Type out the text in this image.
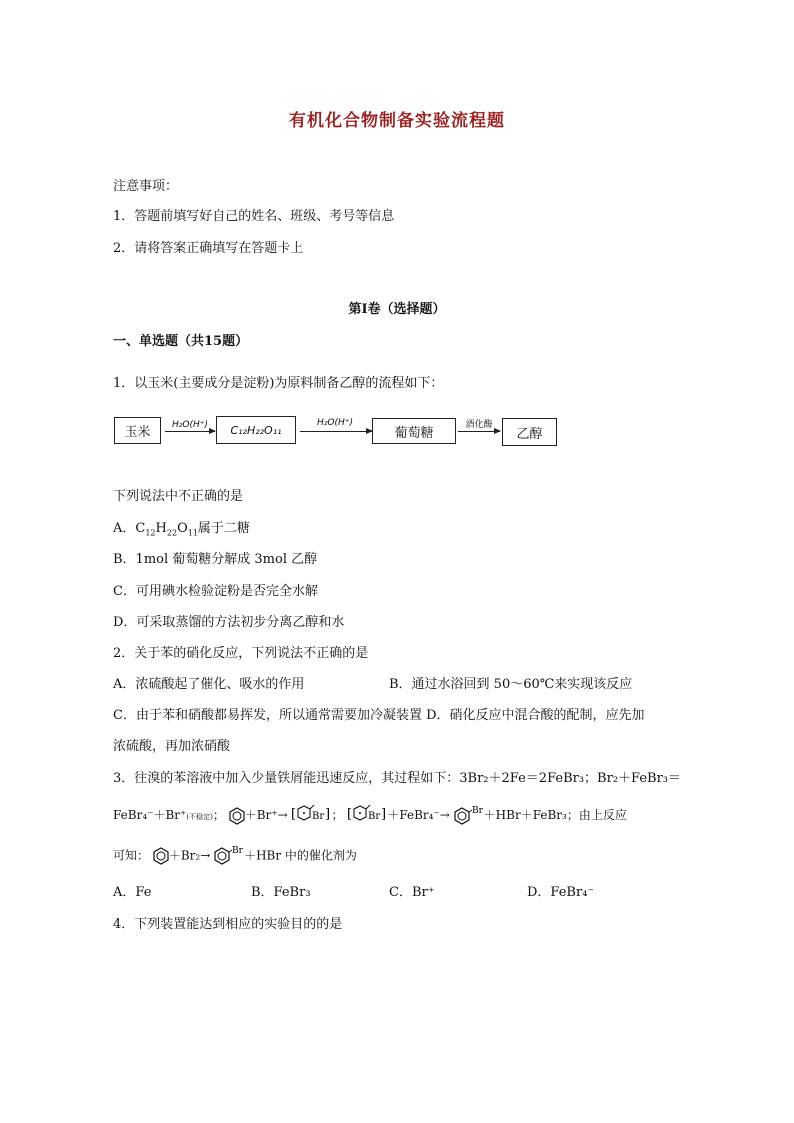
有机化合物制备实验流程题
注意事项：
1．答题前填写好自己的姓名、班级、考号等信息
2．请将答案正确填写在答题卡上
第I卷（选择题）
一、单选题（共15题）
1．以玉米(主要成分是淀粉)为原料制备乙醇的流程如下：
玉米	H₂O(H⁺)	C₁₂H₂₂O₁₁
H₂O(H⁺)
葡萄糖
酒化酶
乙醇
下列说法中不正确的是
A．$C_{12}H_{22}O_{11}$属于二糖
B．1mol 葡萄糖分解成 3mol 乙醇
C．可用碘水检验淀粉是否完全水解
D．可采取蒸馏的方法初步分离乙醇和水
2．关于苯的硝化反应，下列说法不正确的是
A．浓硫酸起了催化、吸水的作用	B．通过水浴回到 50～60℃来实现该反应
C．由于苯和硝酸都易挥发，所以通常需要加冷凝装置 D．硝化反应中混合酸的配制，应先加
浓硫酸，再加浓硝酸
3．往溴的苯溶液中加入少量铁屑能迅速反应，其过程如下：3Br₂＋2Fe＝2FeBr₃；Br₂＋FeBr₃＝
FeBr₄⁻＋Br⁺(不稳定)； ＋Br⁺→ [ Br ] ； [ Br ] ＋FeBr₄⁻→ Br ＋HBr＋FeBr₃；由上反应
可知： ＋Br₂→ Br ＋HBr 中的催化剂为
A．Fe	B．FeBr₃	C．Br⁺	D．FeBr₄⁻
4．下列装置能达到相应的实验目的的是
